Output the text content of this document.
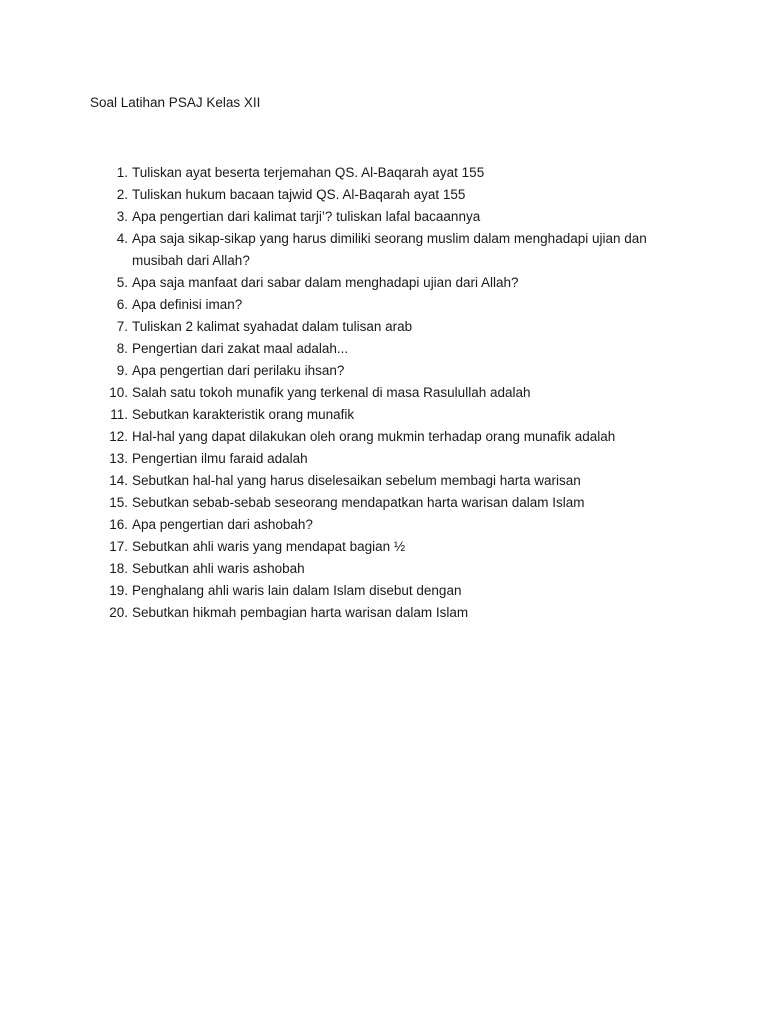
Soal Latihan PSAJ Kelas XII
1. Tuliskan ayat beserta terjemahan QS. Al-Baqarah ayat 155
2. Tuliskan hukum bacaan tajwid QS. Al-Baqarah ayat 155
3. Apa pengertian dari kalimat tarji’? tuliskan lafal bacaannya
4. Apa saja sikap-sikap yang harus dimiliki seorang muslim dalam menghadapi ujian dan musibah dari Allah?
5. Apa saja manfaat dari sabar dalam menghadapi ujian dari Allah?
6. Apa definisi iman?
7. Tuliskan 2 kalimat syahadat dalam tulisan arab
8. Pengertian dari zakat maal adalah...
9. Apa pengertian dari perilaku ihsan?
10. Salah satu tokoh munafik yang terkenal di masa Rasulullah adalah
11. Sebutkan karakteristik orang munafik
12. Hal-hal yang dapat dilakukan oleh orang mukmin terhadap orang munafik adalah
13. Pengertian ilmu faraid adalah
14. Sebutkan hal-hal yang harus diselesaikan sebelum membagi harta warisan
15. Sebutkan sebab-sebab seseorang mendapatkan harta warisan dalam Islam
16. Apa pengertian dari ashobah?
17. Sebutkan ahli waris yang mendapat bagian ½
18. Sebutkan ahli waris ashobah
19. Penghalang ahli waris lain dalam Islam disebut dengan
20. Sebutkan hikmah pembagian harta warisan dalam Islam
